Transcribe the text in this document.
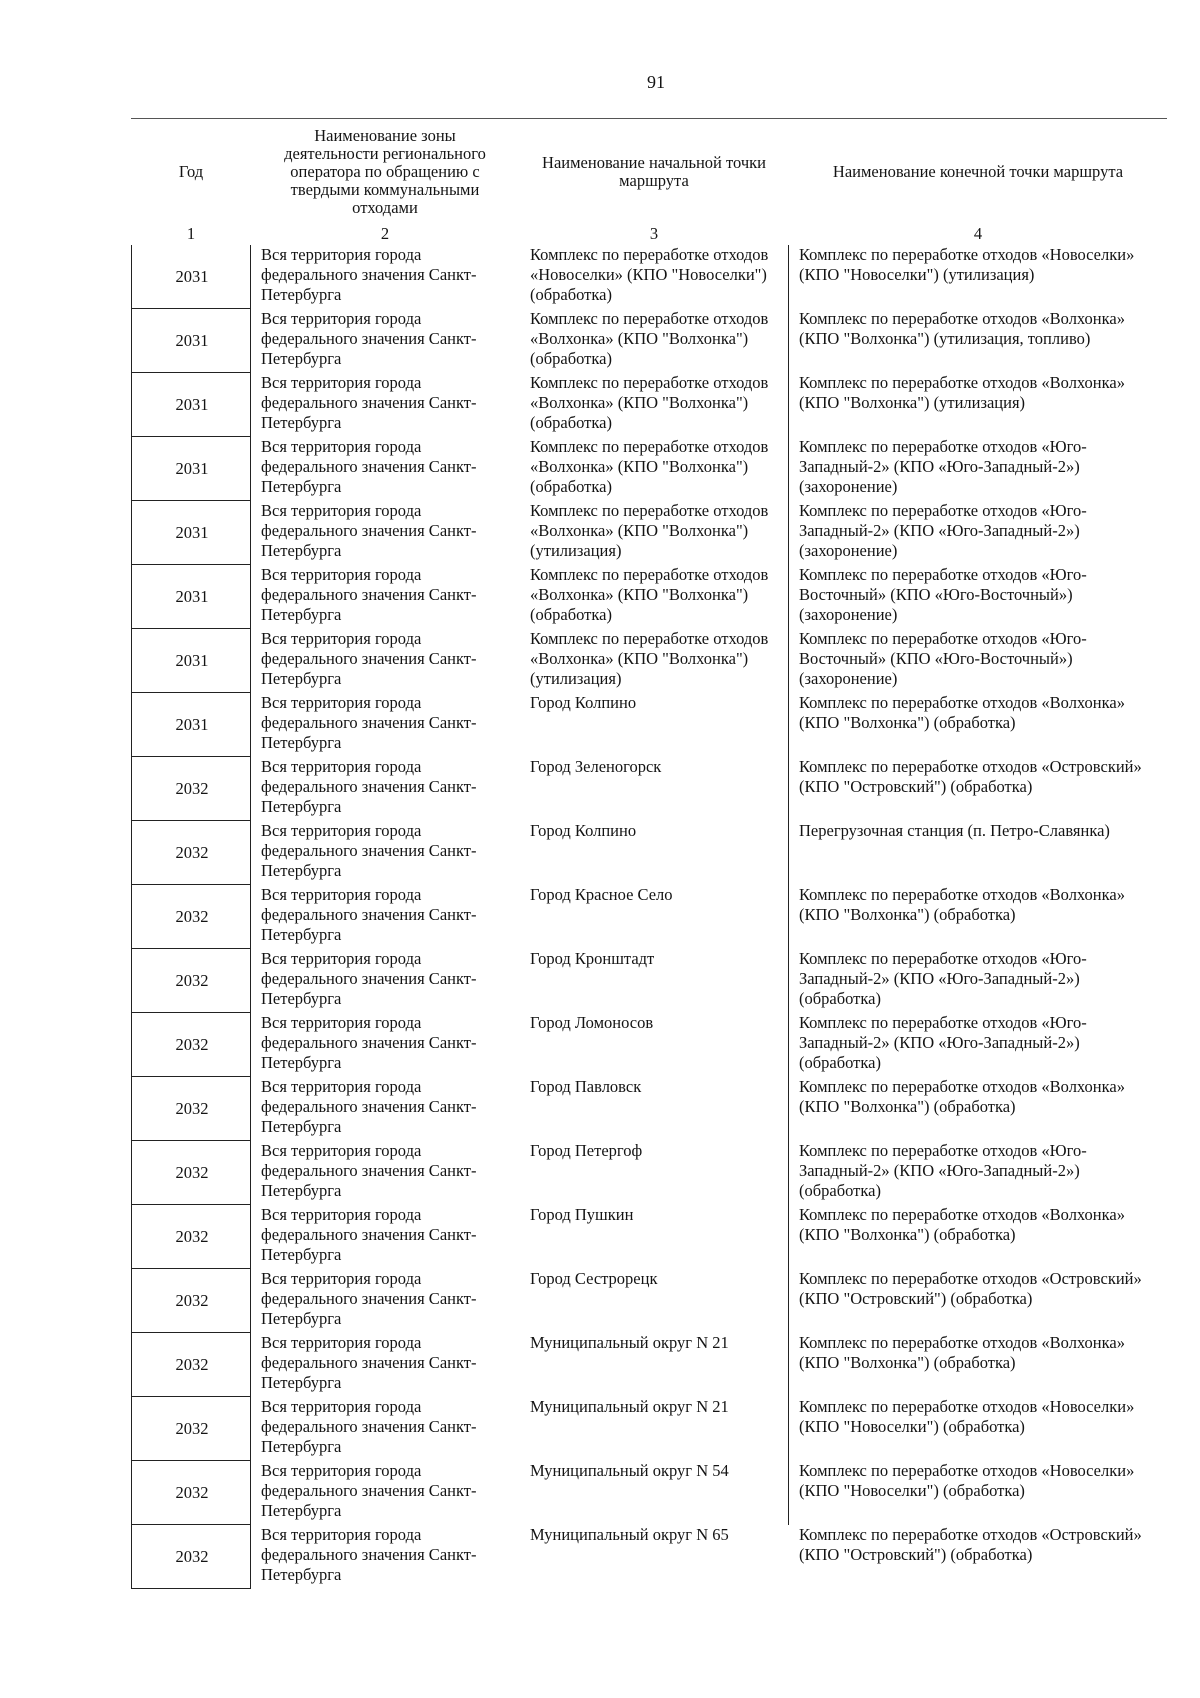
91
Год	Наименование зоны деятельности регионального оператора по обращению с твердыми коммунальными отходами	Наименование начальной точки маршрута	Наименование конечной точки маршрута
1	2	3	4
2031	Вся территория города федерального значения Санкт-Петербурга	Комплекс по переработке отходов «Новоселки» (КПО "Новоселки") (обработка)	Комплекс по переработке отходов «Новоселки» (КПО "Новоселки") (утилизация)
2031	Вся территория города федерального значения Санкт-Петербурга	Комплекс по переработке отходов «Волхонка» (КПО "Волхонка") (обработка)	Комплекс по переработке отходов «Волхонка» (КПО "Волхонка") (утилизация, топливо)
2031	Вся территория города федерального значения Санкт-Петербурга	Комплекс по переработке отходов «Волхонка» (КПО "Волхонка") (обработка)	Комплекс по переработке отходов «Волхонка» (КПО "Волхонка") (утилизация)
2031	Вся территория города федерального значения Санкт-Петербурга	Комплекс по переработке отходов «Волхонка» (КПО "Волхонка") (обработка)	Комплекс по переработке отходов «Юго-Западный-2» (КПО «Юго-Западный-2») (захоронение)
2031	Вся территория города федерального значения Санкт-Петербурга	Комплекс по переработке отходов «Волхонка» (КПО "Волхонка") (утилизация)	Комплекс по переработке отходов «Юго-Западный-2» (КПО «Юго-Западный-2») (захоронение)
2031	Вся территория города федерального значения Санкт-Петербурга	Комплекс по переработке отходов «Волхонка» (КПО "Волхонка") (обработка)	Комплекс по переработке отходов «Юго-Восточный» (КПО «Юго-Восточный») (захоронение)
2031	Вся территория города федерального значения Санкт-Петербурга	Комплекс по переработке отходов «Волхонка» (КПО "Волхонка") (утилизация)	Комплекс по переработке отходов «Юго-Восточный» (КПО «Юго-Восточный») (захоронение)
2031	Вся территория города федерального значения Санкт-Петербурга	Город Колпино	Комплекс по переработке отходов «Волхонка» (КПО "Волхонка") (обработка)
2032	Вся территория города федерального значения Санкт-Петербурга	Город Зеленогорск	Комплекс по переработке отходов «Островский» (КПО "Островский") (обработка)
2032	Вся территория города федерального значения Санкт-Петербурга	Город Колпино	Перегрузочная станция (п. Петро-Славянка)
2032	Вся территория города федерального значения Санкт-Петербурга	Город Красное Село	Комплекс по переработке отходов «Волхонка» (КПО "Волхонка") (обработка)
2032	Вся территория города федерального значения Санкт-Петербурга	Город Кронштадт	Комплекс по переработке отходов «Юго-Западный-2» (КПО «Юго-Западный-2») (обработка)
2032	Вся территория города федерального значения Санкт-Петербурга	Город Ломоносов	Комплекс по переработке отходов «Юго-Западный-2» (КПО «Юго-Западный-2») (обработка)
2032	Вся территория города федерального значения Санкт-Петербурга	Город Павловск	Комплекс по переработке отходов «Волхонка» (КПО "Волхонка") (обработка)
2032	Вся территория города федерального значения Санкт-Петербурга	Город Петергоф	Комплекс по переработке отходов «Юго-Западный-2» (КПО «Юго-Западный-2») (обработка)
2032	Вся территория города федерального значения Санкт-Петербурга	Город Пушкин	Комплекс по переработке отходов «Волхонка» (КПО "Волхонка") (обработка)
2032	Вся территория города федерального значения Санкт-Петербурга	Город Сестрорецк	Комплекс по переработке отходов «Островский» (КПО "Островский") (обработка)
2032	Вся территория города федерального значения Санкт-Петербурга	Муниципальный округ N 21	Комплекс по переработке отходов «Волхонка» (КПО "Волхонка") (обработка)
2032	Вся территория города федерального значения Санкт-Петербурга	Муниципальный округ N 21	Комплекс по переработке отходов «Новоселки» (КПО "Новоселки") (обработка)
2032	Вся территория города федерального значения Санкт-Петербурга	Муниципальный округ N 54	Комплекс по переработке отходов «Новоселки» (КПО "Новоселки") (обработка)
2032	Вся территория города федерального значения Санкт-Петербурга	Муниципальный округ N 65	Комплекс по переработке отходов «Островский» (КПО "Островский") (обработка)
